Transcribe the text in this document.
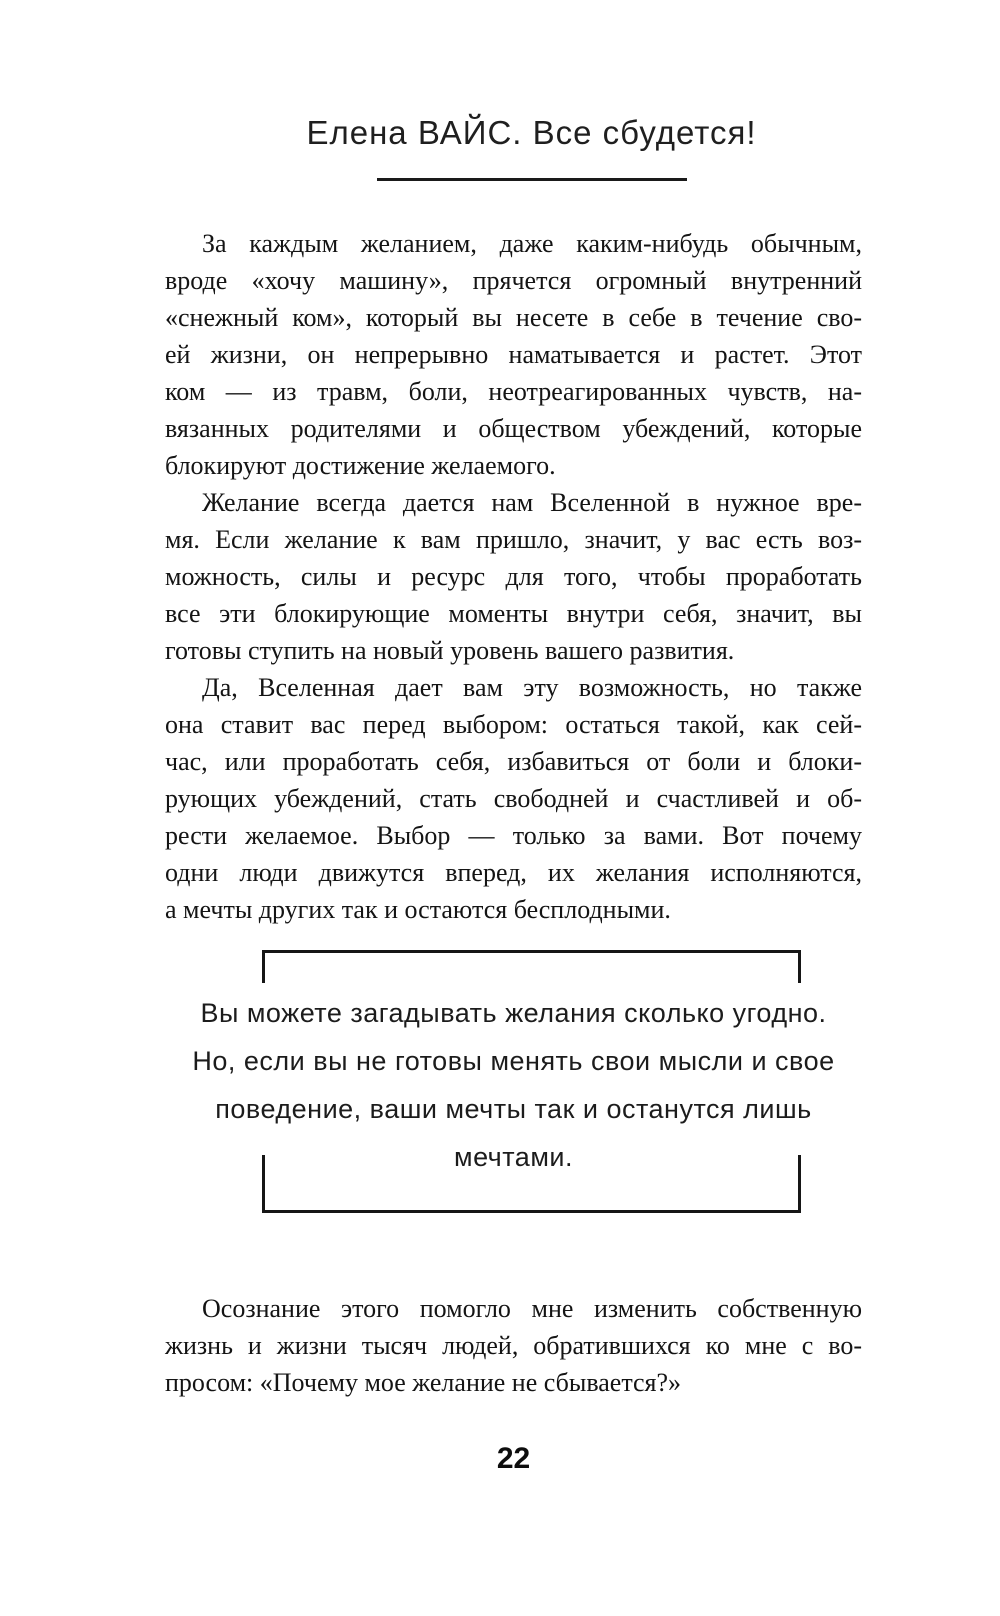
Елена ВАЙС. Все сбудется!
За каждым желанием, даже каким-нибудь обычным,
вроде «хочу машину», прячется огромный внутренний
«снежный ком», который вы несете в себе в течение сво-
ей жизни, он непрерывно наматывается и растет. Этот
ком — из травм, боли, неотреагированных чувств, на-
вязанных родителями и обществом убеждений, которые
блокируют достижение желаемого.
Желание всегда дается нам Вселенной в нужное вре-
мя. Если желание к вам пришло, значит, у вас есть воз-
можность, силы и ресурс для того, чтобы проработать
все эти блокирующие моменты внутри себя, значит, вы
готовы ступить на новый уровень вашего развития.
Да, Вселенная дает вам эту возможность, но также
она ставит вас перед выбором: остаться такой, как сей-
час, или проработать себя, избавиться от боли и блоки-
рующих убеждений, стать свободней и счастливей и об-
рести желаемое. Выбор — только за вами. Вот почему
одни люди движутся вперед, их желания исполняются,
а мечты других так и остаются бесплодными.
Вы можете загадывать желания сколько угодно.
Но, если вы не готовы менять свои мысли и свое
поведение, ваши мечты так и останутся лишь
мечтами.
Осознание этого помогло мне изменить собственную
жизнь и жизни тысяч людей, обратившихся ко мне с во-
просом: «Почему мое желание не сбывается?»
22
